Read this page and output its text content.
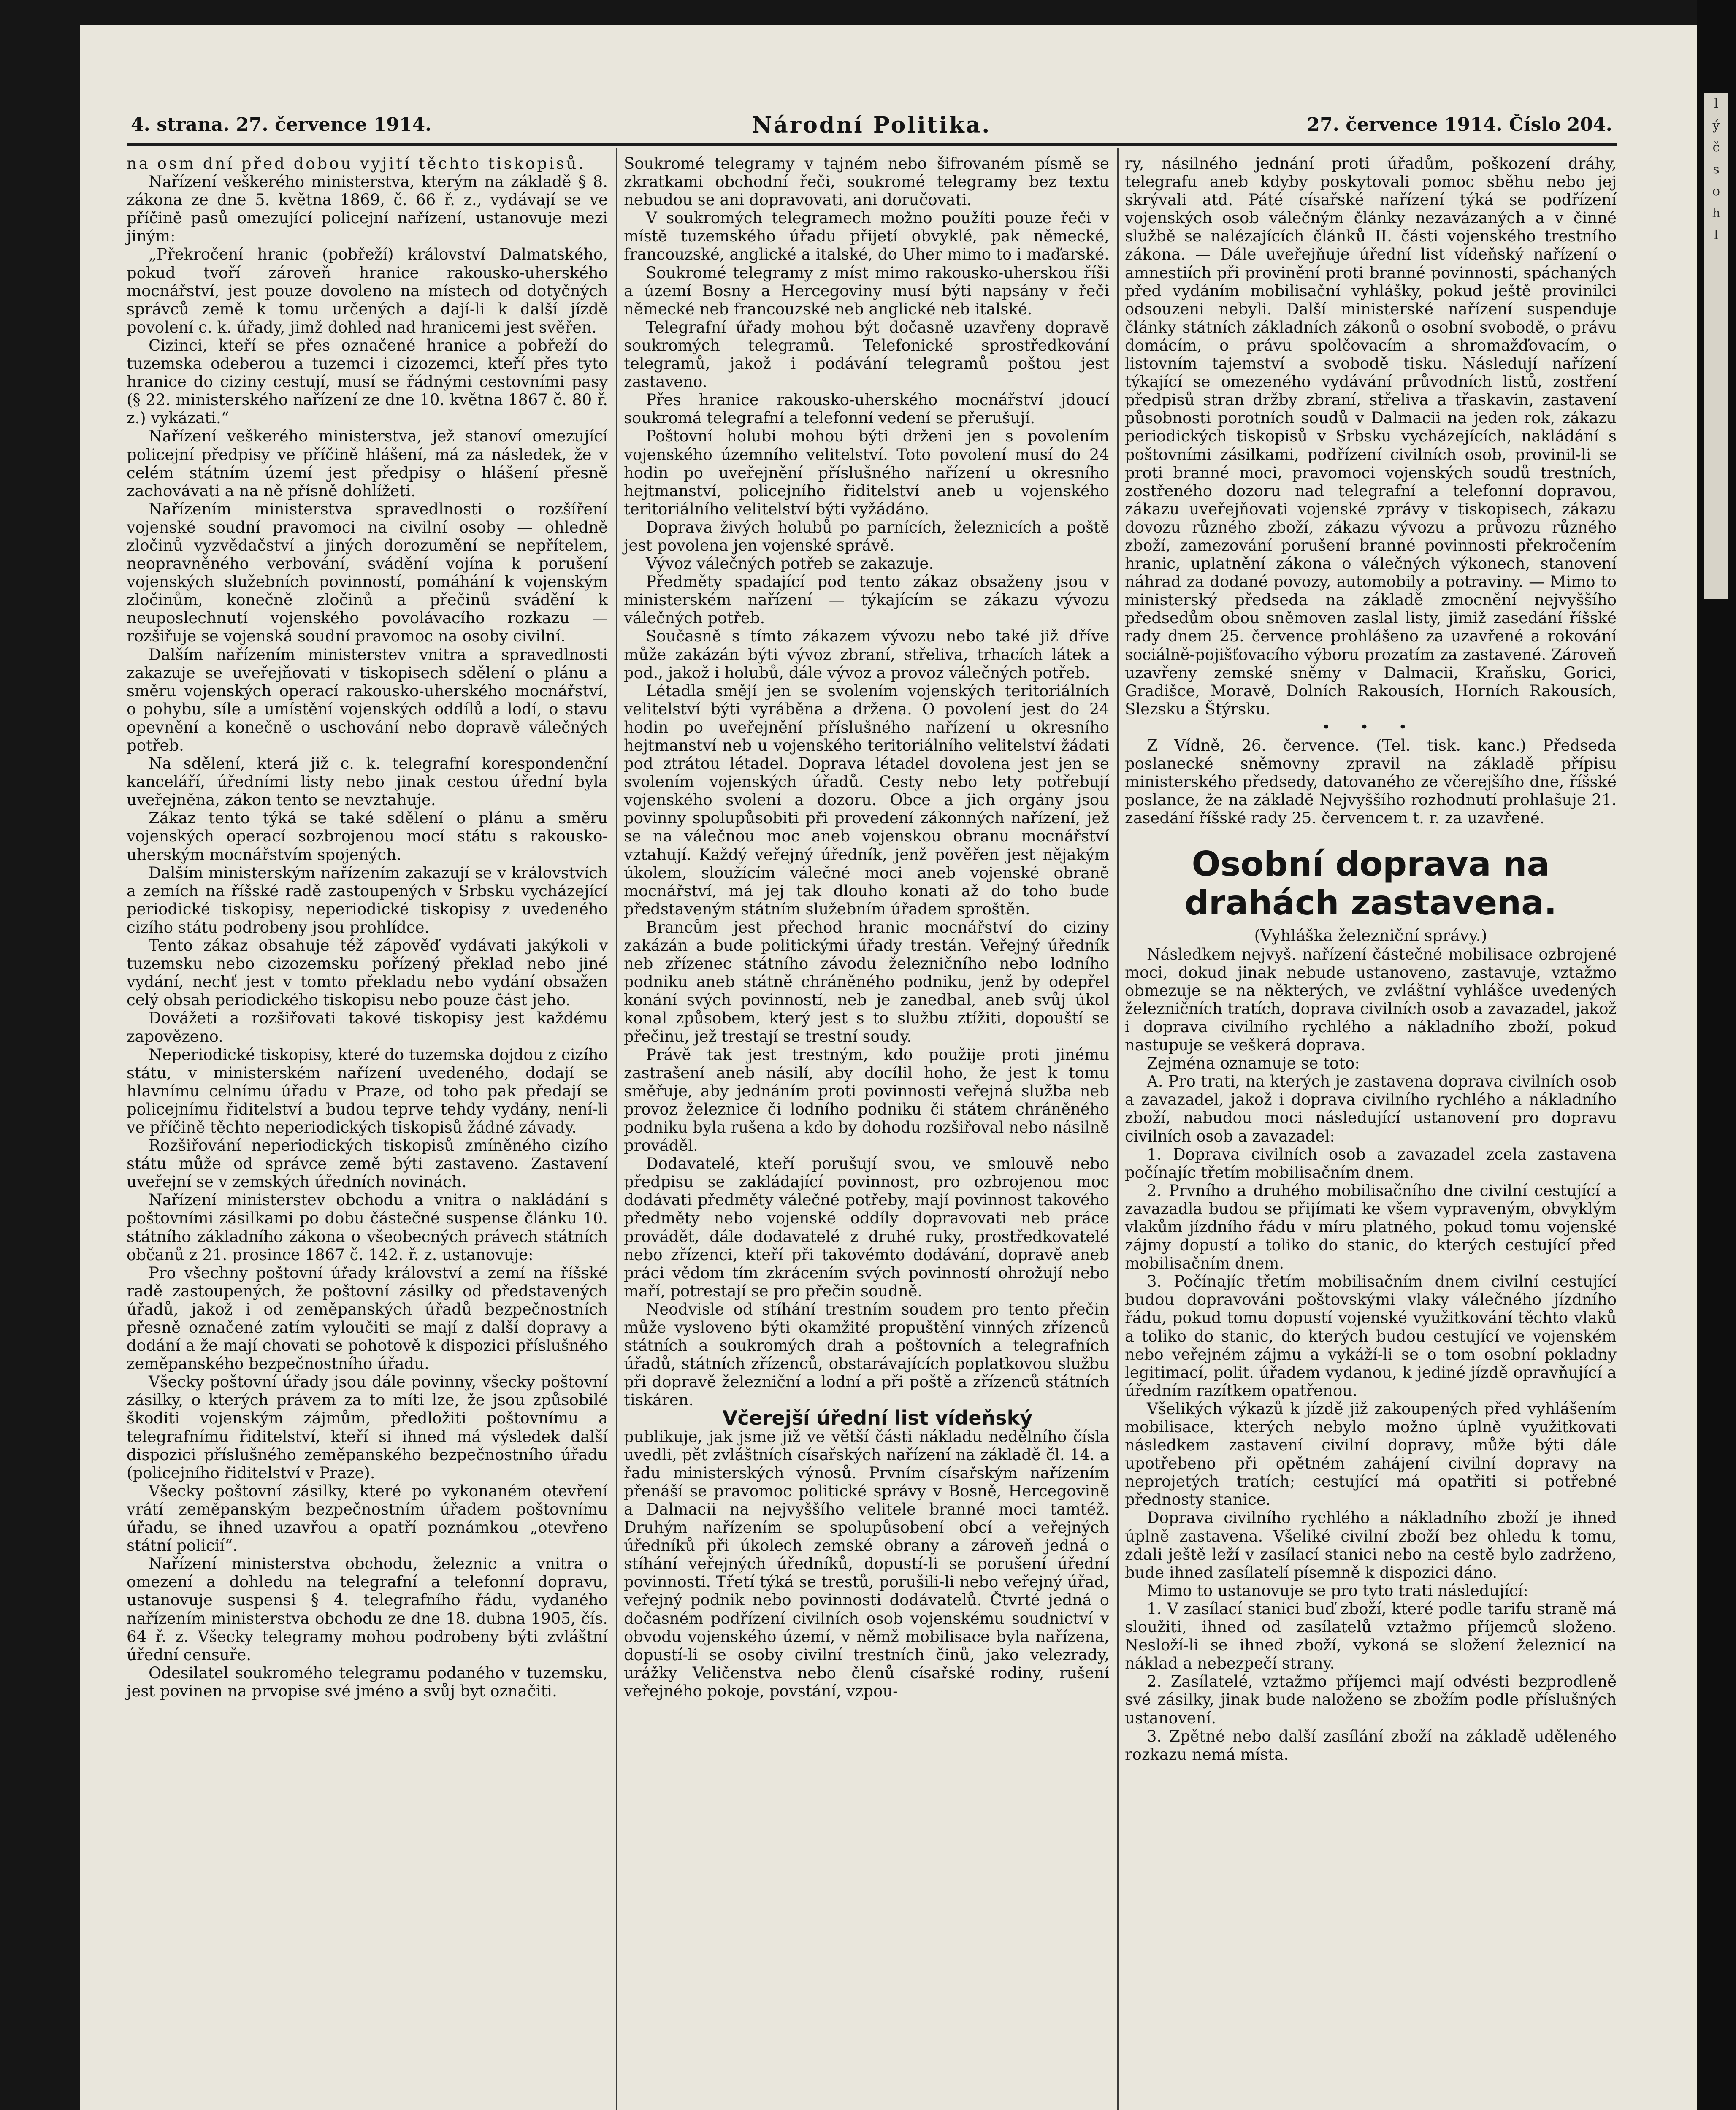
l
ý
č
s
o
h
l
4. strana. 27. července 1914.	Národní Politika.	27. července 1914. Číslo 204.

na osm dní před dobou vyjití těchto tiskopisů.

Nařízení veškerého ministerstva, kterým na základě § 8. zákona ze dne 5. května 1869, č. 66 ř. z., vydávají se ve příčině pasů omezující policejní nařízení, ustanovuje mezi jiným:

„Překročení hranic (pobřeží) království Dalmatského, pokud tvoří zároveň hranice rakousko-uherského mocnářství, jest pouze dovoleno na místech od dotyčných správců země k tomu určených a dají-li k další jízdě povolení c. k. úřady, jimž dohled nad hranicemi jest svěřen.

Cizinci, kteří se přes označené hranice a pobřeží do tuzemska odeberou a tuzemci i cizozemci, kteří přes tyto hranice do ciziny cestují, musí se řádnými cestovními pasy (§ 22. ministerského nařízení ze dne 10. května 1867 č. 80 ř. z.) vykázati.“

Nařízení veškerého ministerstva, jež stanoví omezující policejní předpisy ve příčině hlášení, má za následek, že v celém státním území jest předpisy o hlášení přesně zachovávati a na ně přísně dohlížeti.

Nařízením ministerstva spravedlnosti o rozšíření vojenské soudní pravomoci na civilní osoby — ohledně zločinů vyzvědačství a jiných dorozumění se nepřítelem, neopravněného verbování, svádění vojína k porušení vojenských služebních povinností, pomáhání k vojenským zločinům, konečně zločinů a přečinů svádění k neuposlechnutí vojenského povolávacího rozkazu — rozšiřuje se vojenská soudní pravomoc na osoby civilní.

Dalším nařízením ministerstev vnitra a spravedlnosti zakazuje se uveřejňovati v tiskopisech sdělení o plánu a směru vojenských operací rakousko-uherského mocnářství, o pohybu, síle a umístění vojenských oddílů a lodí, o stavu opevnění a konečně o uschování nebo dopravě válečných potřeb.

Na sdělení, která již c. k. telegrafní korespondenční kanceláří, úředními listy nebo jinak cestou úřední byla uveřejněna, zákon tento se nevztahuje.

Zákaz tento týká se také sdělení o plánu a směru vojenských operací sozbrojenou mocí státu s rakousko-uherským mocnářstvím spojených.

Dalším ministerským nařízením zakazují se v královstvích a zemích na říšské radě zastoupených v Srbsku vycházející periodické tiskopisy, neperiodické tiskopisy z uvedeného cizího státu podrobeny jsou prohlídce.

Tento zákaz obsahuje též zápověď vydávati jakýkoli v tuzemsku nebo cizozemsku pořízený překlad nebo jiné vydání, nechť jest v tomto překladu nebo vydání obsažen celý obsah periodického tiskopisu nebo pouze část jeho.

Dovážeti a rozšiřovati takové tiskopisy jest každému zapovězeno.

Neperiodické tiskopisy, které do tuzemska dojdou z cizího státu, v ministerském nařízení uvedeného, dodají se hlavnímu celnímu úřadu v Praze, od toho pak předají se policejnímu řiditelství a budou teprve tehdy vydány, není-li ve příčině těchto neperiodických tiskopisů žádné závady.

Rozšiřování neperiodických tiskopisů zmíněného cizího státu může od správce země býti zastaveno. Zastavení uveřejní se v zemských úředních novinách.

Nařízení ministerstev obchodu a vnitra o nakládání s poštovními zásilkami po dobu částečné suspense článku 10. státního základního zákona o všeobecných právech státních občanů z 21. prosince 1867 č. 142. ř. z. ustanovuje:

Pro všechny poštovní úřady království a zemí na říšské radě zastoupených, že poštovní zásilky od představených úřadů, jakož i od zeměpanských úřadů bezpečnostních přesně označené zatím vyloučiti se mají z další dopravy a dodání a že mají chovati se pohotově k dispozici příslušného zeměpanského bezpečnostního úřadu.

Všecky poštovní úřady jsou dále povinny, všecky poštovní zásilky, o kterých právem za to míti lze, že jsou způsobilé škoditi vojenským zájmům, předložiti poštovnímu a telegrafnímu řiditelství, kteří si ihned má výsledek další dispozici příslušného zeměpanského bezpečnostního úřadu (policejního řiditelství v Praze).

Všecky poštovní zásilky, které po vykonaném otevření vrátí zeměpanským bezpečnostním úřadem poštovnímu úřadu, se ihned uzavřou a opatří poznámkou „otevřeno státní policií“.

Nařízení ministerstva obchodu, železnic a vnitra o omezení a dohledu na telegrafní a telefonní dopravu, ustanovuje suspensi § 4. telegrafního řádu, vydaného nařízením ministerstva obchodu ze dne 18. dubna 1905, čís. 64 ř. z. Všecky telegramy mohou podrobeny býti zvláštní úřední censuře.

Odesilatel soukromého telegramu podaného v tuzemsku, jest povinen na prvopise své jméno a svůj byt označiti.

Soukromé telegramy v tajném nebo šifrovaném písmě se zkratkami obchodní řeči, soukromé telegramy bez textu nebudou se ani dopravovati, ani doručovati.

V soukromých telegramech možno použíti pouze řeči v místě tuzemského úřadu přijetí obvyklé, pak německé, francouzské, anglické a italské, do Uher mimo to i maďarské.

Soukromé telegramy z míst mimo rakousko-uherskou říši a území Bosny a Hercegoviny musí býti napsány v řeči německé neb francouzské neb anglické neb italské.

Telegrafní úřady mohou být dočasně uzavřeny dopravě soukromých telegramů. Telefonické sprostředkování telegramů, jakož i podávání telegramů poštou jest zastaveno.

Přes hranice rakousko-uherského mocnářství jdoucí soukromá telegrafní a telefonní vedení se přerušují.

Poštovní holubi mohou býti drženi jen s povolením vojenského územního velitelství. Toto povolení musí do 24 hodin po uveřejnění příslušného nařízení u okresního hejtmanství, policejního řiditelství aneb u vojenského teritoriálního velitelství býti vyžádáno.

Doprava živých holubů po parnících, železnicích a poště jest povolena jen vojenské správě.

Vývoz válečných potřeb se zakazuje.

Předměty spadající pod tento zákaz obsaženy jsou v ministerském nařízení — týkajícím se zákazu vývozu válečných potřeb.

Současně s tímto zákazem vývozu nebo také již dříve může zakázán býti vývoz zbraní, střeliva, trhacích látek a pod., jakož i holubů, dále vývoz a provoz válečných potřeb.

Létadla smějí jen se svolením vojenských teritoriálních velitelství býti vyráběna a držena. O povolení jest do 24 hodin po uveřejnění příslušného nařízení u okresního hejtmanství neb u vojenského teritoriálního velitelství žádati pod ztrátou létadel. Doprava létadel dovolena jest jen se svolením vojenských úřadů. Cesty nebo lety potřebují vojenského svolení a dozoru. Obce a jich orgány jsou povinny spolupůsobiti při provedení zákonných nařízení, jež se na válečnou moc aneb vojenskou obranu mocnářství vztahují. Každý veřejný úředník, jenž pověřen jest nějakým úkolem, sloužícím válečné moci aneb vojenské obraně mocnářství, má jej tak dlouho konati až do toho bude představeným státním služebním úřadem sproštěn.

Brancům jest přechod hranic mocnářství do ciziny zakázán a bude politickými úřady trestán. Veřejný úředník neb zřízenec státního závodu železničního nebo lodního podniku aneb státně chráněného podniku, jenž by odepřel konání svých povinností, neb je zanedbal, aneb svůj úkol konal způsobem, který jest s to službu ztížiti, dopouští se přečinu, jež trestají se trestní soudy.

Právě tak jest trestným, kdo použije proti jinému zastrašení aneb násilí, aby docílil hoho, že jest k tomu směřuje, aby jednáním proti povinnosti veřejná služba neb provoz železnice či lodního podniku či státem chráněného podniku byla rušena a kdo by dohodu rozšiřoval nebo násilně prováděl.

Dodavatelé, kteří porušují svou, ve smlouvě nebo předpisu se zakládající povinnost, pro ozbrojenou moc dodávati předměty válečné potřeby, mají povinnost takového předměty nebo vojenské oddíly dopravovati neb práce provádět, dále dodavatelé z druhé ruky, prostředkovatelé nebo zřízenci, kteří při takovémto dodávání, dopravě aneb práci vědom tím zkrácením svých povinností ohrožují nebo maří, potrestají se pro přečin soudně.

Neodvisle od stíhání trestním soudem pro tento přečin může vysloveno býti okamžité propuštění vinných zřízenců státních a soukromých drah a poštovních a telegrafních úřadů, státních zřízenců, obstarávajících poplatkovou službu při dopravě železniční a lodní a při poště a zřízenců státních tiskáren.

Včerejší úřední list vídeňský

publikuje, jak jsme již ve větší části nákladu nedělního čísla uvedli, pět zvláštních císařských nařízení na základě čl. 14. a řadu ministerských výnosů. Prvním císařským nařízením přenáší se pravomoc politické správy v Bosně, Hercegovině a Dalmacii na nejvyššího velitele branné moci tamtéž. Druhým nařízením se spolupůsobení obcí a veřejných úředníků při úkolech zemské obrany a zároveň jedná o stíhání veřejných úředníků, dopustí-li se porušení úřední povinnosti. Třetí týká se trestů, porušili-li nebo veřejný úřad, veřejný podnik nebo povinnosti dodávatelů. Čtvrté jedná o dočasném podřízení civilních osob vojenskému soudnictví v obvodu vojenského území, v němž mobilisace byla nařízena, dopustí-li se osoby civilní trestních činů, jako velezrady, urážky Veličenstva nebo členů císařské rodiny, rušení veřejného pokoje, povstání, vzpou-

ry, násilného jednání proti úřadům, poškození dráhy, telegrafu aneb kdyby poskytovali pomoc sběhu nebo jej skrývali atd. Páté císařské nařízení týká se podřízení vojenských osob válečným články nezavázaných a v činné službě se nalézajících článků II. části vojenského trestního zákona. — Dále uveřejňuje úřední list vídeňský nařízení o amnestiích při provinění proti branné povinnosti, spáchaných před vydáním mobilisační vyhlášky, pokud ještě provinilci odsouzeni nebyli. Další ministerské nařízení suspenduje články státních základních zákonů o osobní svobodě, o právu domácím, o právu spolčovacím a shromažďovacím, o listovním tajemství a svobodě tisku. Následují nařízení týkající se omezeného vydávání průvodních listů, zostření předpisů stran držby zbraní, střeliva a třaskavin, zastavení působnosti porotních soudů v Dalmacii na jeden rok, zákazu periodických tiskopisů v Srbsku vycházejících, nakládání s poštovními zásilkami, podřízení civilních osob, provinil-li se proti branné moci, pravomoci vojenských soudů trestních, zostřeného dozoru nad telegrafní a telefonní dopravou, zákazu uveřejňovati vojenské zprávy v tiskopisech, zákazu dovozu různého zboží, zákazu vývozu a průvozu různého zboží, zamezování porušení branné povinnosti překročením hranic, uplatnění zákona o válečných výkonech, stanovení náhrad za dodané povozy, automobily a potraviny. — Mimo to ministerský předseda na základě zmocnění nejvyššího předsedům obou sněmoven zaslal listy, jimiž zasedání říšské rady dnem 25. července prohlášeno za uzavřené a rokování sociálně-pojišťovacího výboru prozatím za zastavené. Zároveň uzavřeny zemské sněmy v Dalmacii, Kraňsku, Gorici, Gradišce, Moravě, Dolních Rakousích, Horních Rakousích, Slezsku a Štýrsku.

• • •

Z Vídně, 26. července. (Tel. tisk. kanc.) Předseda poslanecké sněmovny zpravil na základě přípisu ministerského předsedy, datovaného ze včerejšího dne, říšské poslance, že na základě Nejvyššího rozhodnutí prohlašuje 21. zasedání říšské rady 25. červencem t. r. za uzavřené.

Osobní doprava na drahách zastavena.

(Vyhláška železniční správy.)

Následkem nejvyš. nařízení částečné mobilisace ozbrojené moci, dokud jinak nebude ustanoveno, zastavuje, vztažmo obmezuje se na některých, ve zvláštní vyhlášce uvedených železničních tratích, doprava civilních osob a zavazadel, jakož i doprava civilního rychlého a nákladního zboží, pokud nastupuje se veškerá doprava.

Zejména oznamuje se toto:

A. Pro trati, na kterých je zastavena doprava civilních osob a zavazadel, jakož i doprava civilního rychlého a nákladního zboží, nabudou moci následující ustanovení pro dopravu civilních osob a zavazadel:

1. Doprava civilních osob a zavazadel zcela zastavena počínajíc třetím mobilisačním dnem.

2. Prvního a druhého mobilisačního dne civilní cestující a zavazadla budou se přijímati ke všem vypraveným, obvyklým vlakům jízdního řádu v míru platného, pokud tomu vojenské zájmy dopustí a toliko do stanic, do kterých cestující před mobilisačním dnem.

3. Počínajíc třetím mobilisačním dnem civilní cestující budou dopravováni poštovskými vlaky válečného jízdního řádu, pokud tomu dopustí vojenské využitkování těchto vlaků a toliko do stanic, do kterých budou cestující ve vojenském nebo veřejném zájmu a vykáží-li se o tom osobní pokladny legitimací, polit. úřadem vydanou, k jediné jízdě opravňující a úředním razítkem opatřenou.

Všelikých výkazů k jízdě již zakoupených před vyhlášením mobilisace, kterých nebylo možno úplně využitkovati následkem zastavení civilní dopravy, může býti dále upotřebeno při opětném zahájení civilní dopravy na neprojetých tratích; cestující má opatřiti si potřebné přednosty stanice.

Doprava civilního rychlého a nákladního zboží je ihned úplně zastavena. Všeliké civilní zboží bez ohledu k tomu, zdali ještě leží v zasílací stanici nebo na cestě bylo zadrženo, bude ihned zasílatelí písemně k dispozici dáno.

Mimo to ustanovuje se pro tyto trati následující:

1. V zasílací stanici buď zboží, které podle tarifu straně má sloužiti, ihned od zasílatelů vztažmo příjemců složeno. Nesloží-li se ihned zboží, vykoná se složení železnicí na náklad a nebezpečí strany.

2. Zasílatelé, vztažmo příjemci mají odvésti bezprodleně své zásilky, jinak bude naloženo se zbožím podle příslušných ustanovení.

3. Zpětné nebo další zasílání zboží na základě uděleného rozkazu nemá místa.
